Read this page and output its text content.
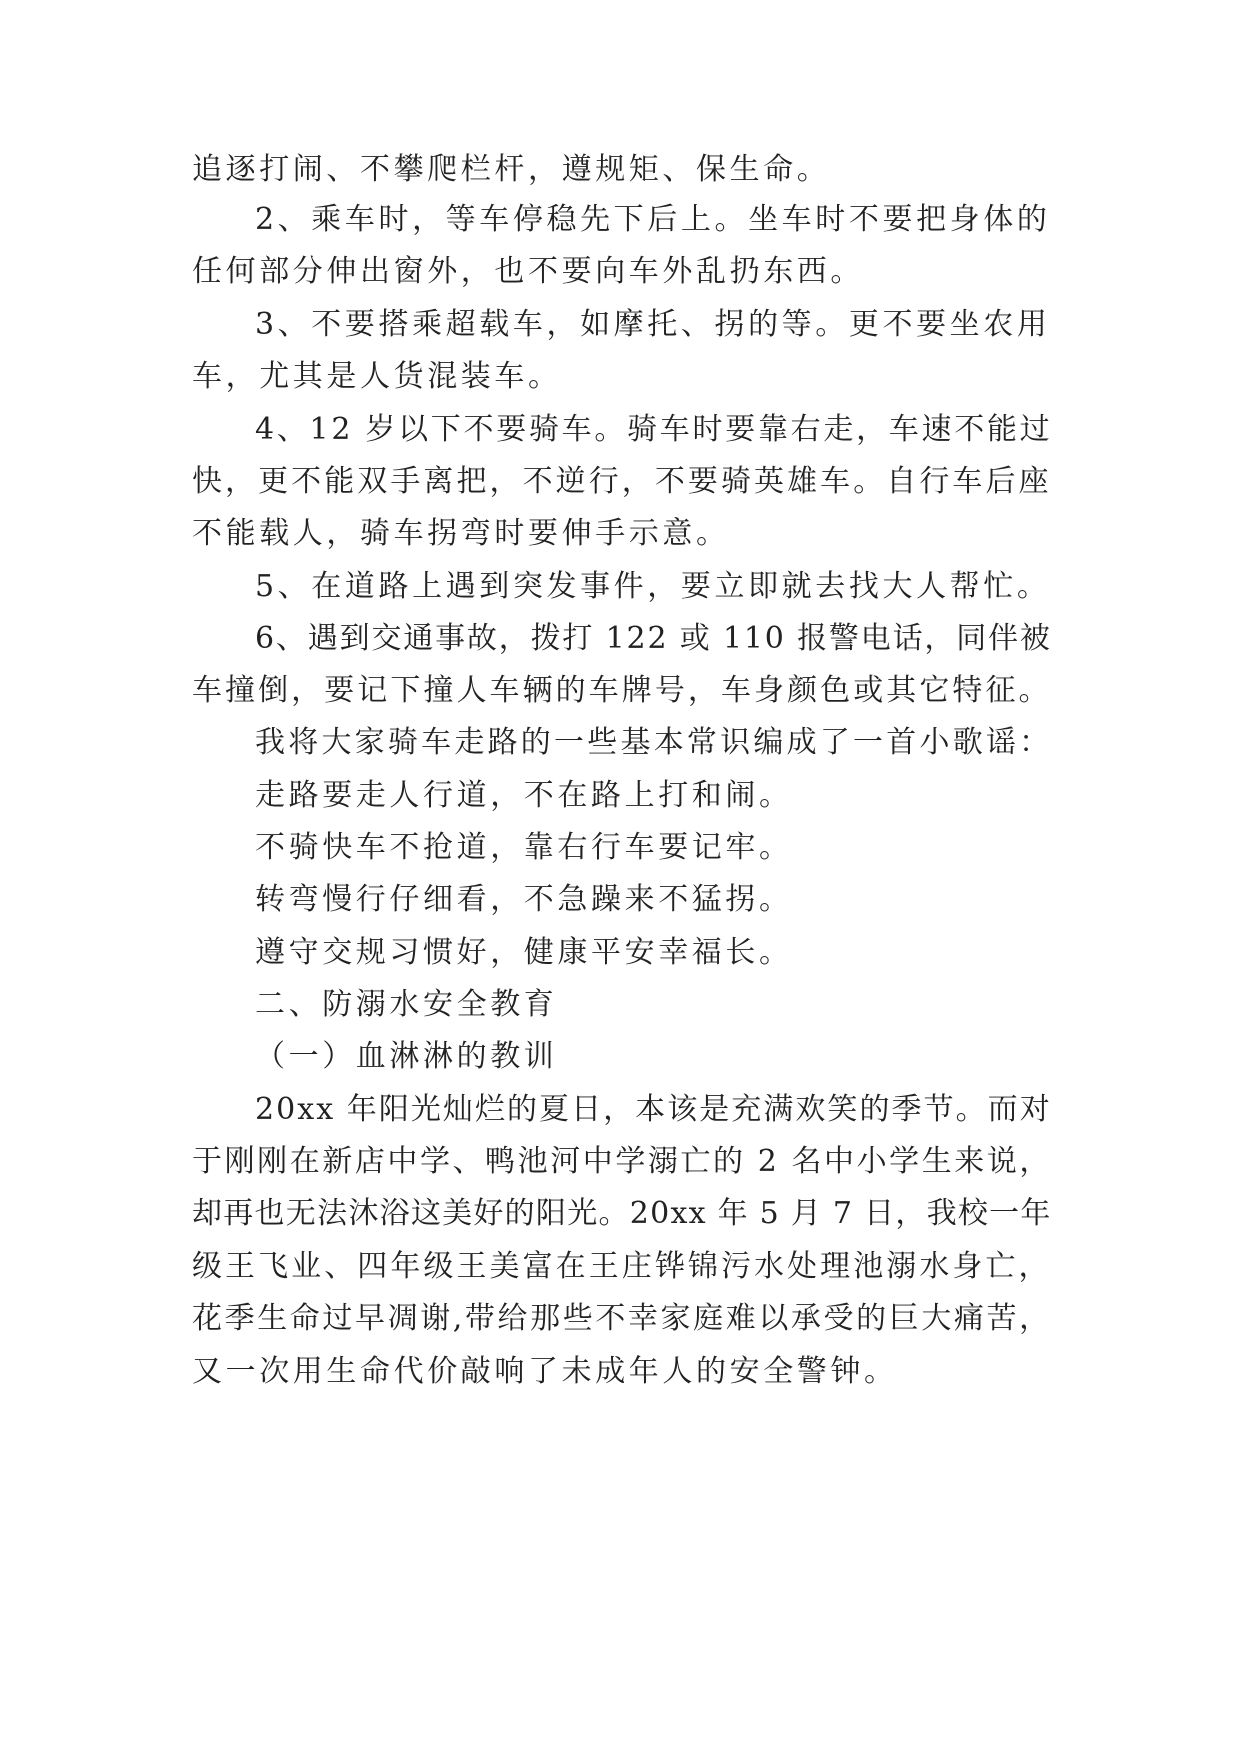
追逐打闹、不攀爬栏杆，遵规矩、保生命。
2、乘车时，等车停稳先下后上。坐车时不要把身体的
任何部分伸出窗外，也不要向车外乱扔东西。
3、不要搭乘超载车，如摩托、拐的等。更不要坐农用
车，尤其是人货混装车。
4、12 岁以下不要骑车。骑车时要靠右走，车速不能过
快，更不能双手离把，不逆行，不要骑英雄车。自行车后座
不能载人，骑车拐弯时要伸手示意。
5、在道路上遇到突发事件，要立即就去找大人帮忙。
6、遇到交通事故，拨打 122 或 110 报警电话，同伴被
车撞倒，要记下撞人车辆的车牌号，车身颜色或其它特征。
我将大家骑车走路的一些基本常识编成了一首小歌谣：
走路要走人行道，不在路上打和闹。
不骑快车不抢道，靠右行车要记牢。
转弯慢行仔细看，不急躁来不猛拐。
遵守交规习惯好，健康平安幸福长。
二、防溺水安全教育
（一）血淋淋的教训
20xx 年阳光灿烂的夏日，本该是充满欢笑的季节。而对
于刚刚在新店中学、鸭池河中学溺亡的 2 名中小学生来说，
却再也无法沐浴这美好的阳光。20xx 年 5 月 7 日，我校一年
级王飞业、四年级王美富在王庄铧锦污水处理池溺水身亡，
花季生命过早凋谢,带给那些不幸家庭难以承受的巨大痛苦，
又一次用生命代价敲响了未成年人的安全警钟。
